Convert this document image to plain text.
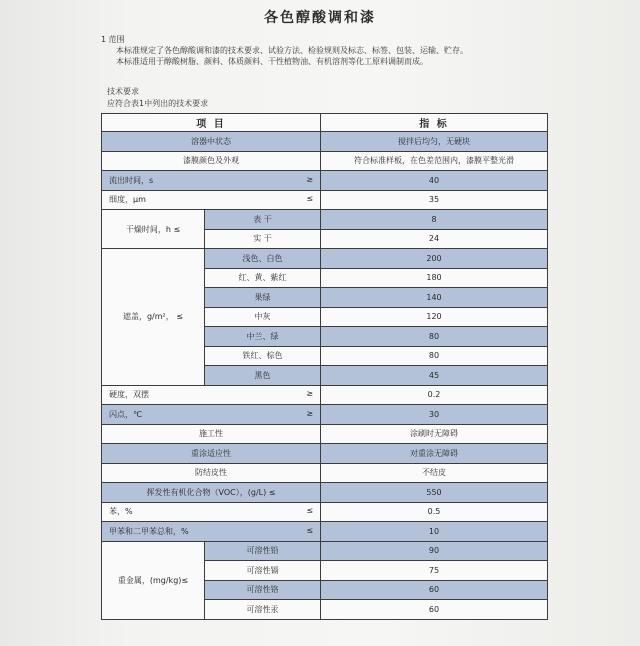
各色醇酸调和漆
1 范围
本标准规定了各色醇酸调和漆的技术要求、试验方法、检验规则及标志、标签、包装、运输、贮存。
本标准适用于醇酸树脂、颜料、体质颜料、干性植物油、有机溶剂等化工原料调制而成。
技术要求
应符合表1中列出的技术要求
项 目		指 标
溶器中状态		搅拌后均匀，无硬块
漆膜颜色及外观		符合标准样板，在色差范围内，漆膜平整光滑

流出时间，s ≥		40

细度，μm ≤		35
干燥时间，h ≤	表 干	8
	实 干	24
遮盖，g/m²， ≤	浅色、白色	200
	红、黄、紫红	180
	果绿	140
	中灰	120
	中兰、绿	80
	铁红、棕色	80
	黑色	45

硬度，双摆 ≥		0.2

闪点，℃ ≥		30
施工性		涂刷时无障碍
重涂适应性		对重涂无障碍
防结皮性		不结皮
挥发性有机化合物（VOC），(g/L) ≤		550

苯，% ≤		0.5

甲苯和二甲苯总和，% ≤		10
重金属，(mg/kg)≤	可溶性铅	90
	可溶性镉	75
	可溶性铬	60
	可溶性汞	60
